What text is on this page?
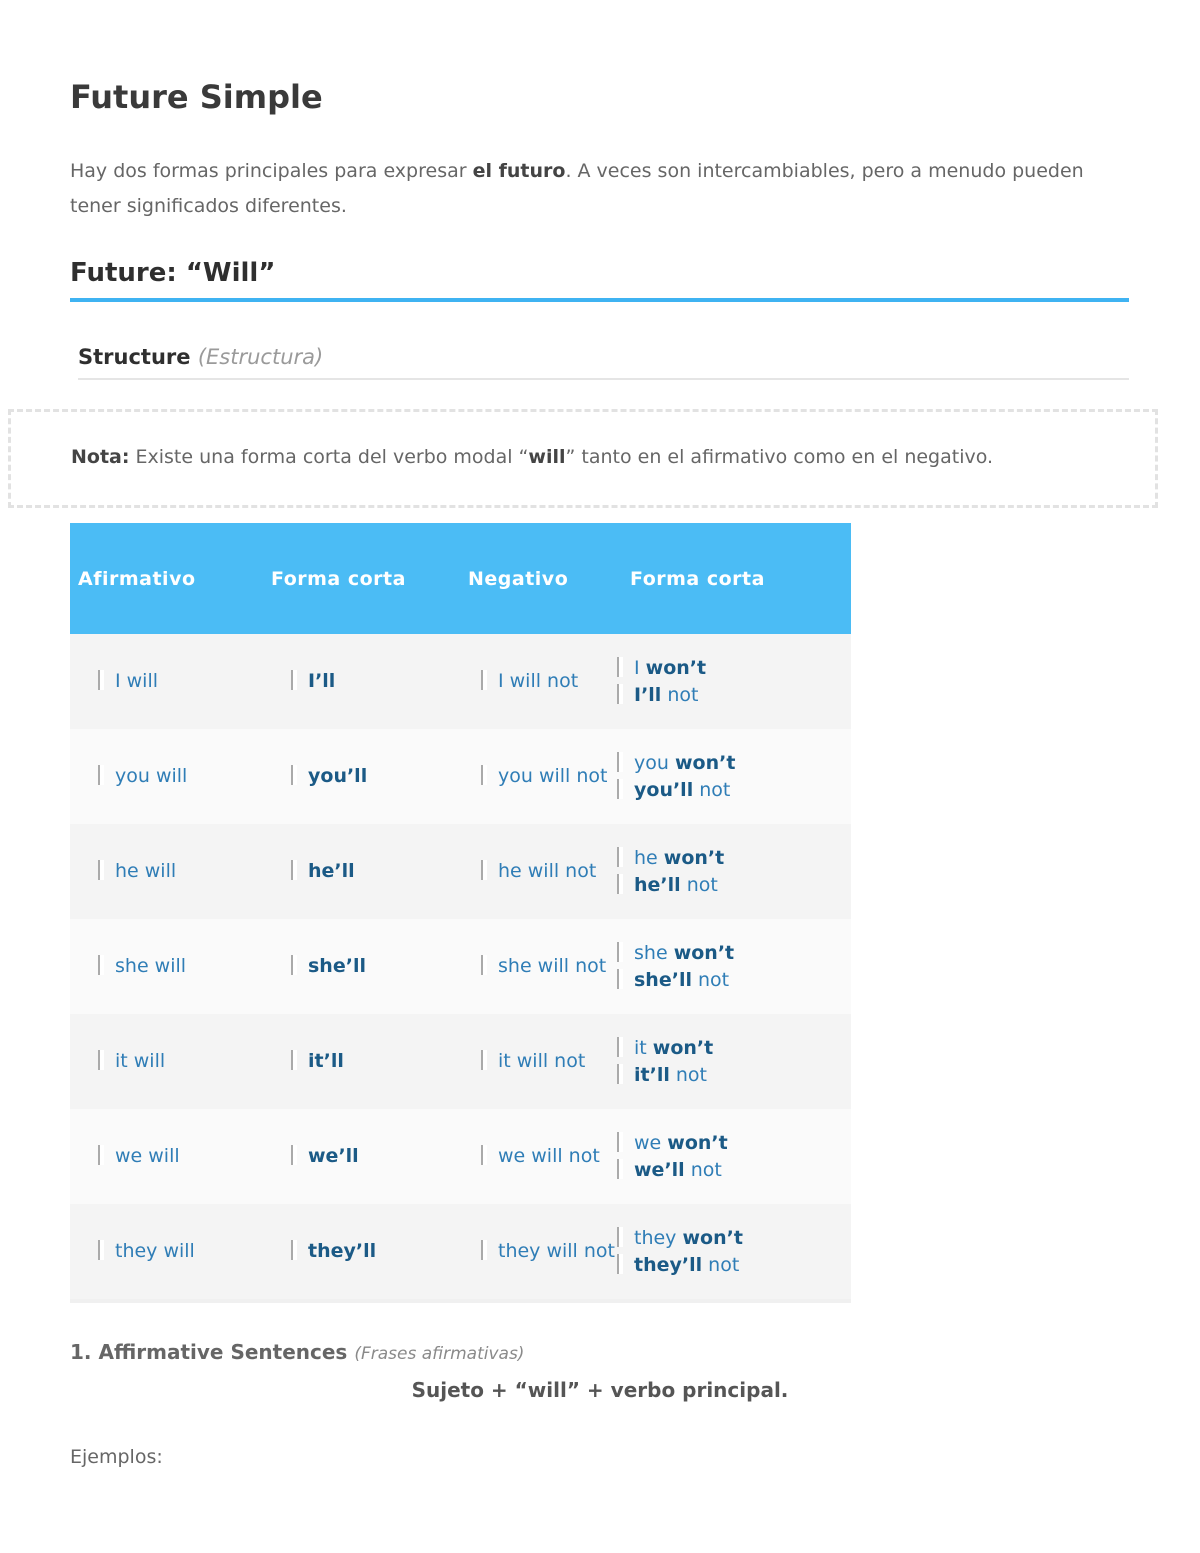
Future Simple

Hay dos formas principales para expresar el futuro. A veces son intercambiables, pero a menudo pueden tener significados diferentes.

Future: “Will”
Structure (Estructura)

Nota: Existe una forma corta del verbo modal “will” tanto en el afirmativo como en el negativo.

Afirmativo	Forma corta	Negativo	Forma corta
I will	I’ll	I will not	I won’t
I’ll not

you will	you’ll	you will not	you won’t
you’ll not

he will	he’ll	he will not	he won’t
he’ll not

she will	she’ll	she will not	she won’t
she’ll not

it will	it’ll	it will not	it won’t
it’ll not

we will	we’ll	we will not	we won’t
we’ll not

they will	they’ll	they will not	they won’t
they’ll not

1. Affirmative Sentences (Frases afirmativas)

Sujeto + “will” + verbo principal.

Ejemplos:
